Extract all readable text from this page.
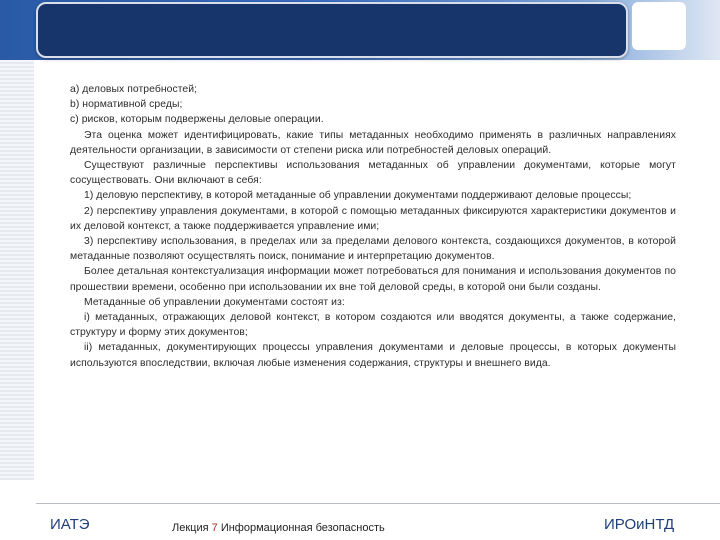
a) деловых потребностей;

b) нормативной среды;

c) рисков, которым подвержены деловые операции.

Эта оценка может идентифицировать, какие типы метаданных необходимо применять в различных направлениях деятельности организации, в зависимости от степени риска или потребностей деловых операций.

Существуют различные перспективы использования метаданных об управлении документами, которые могут сосуществовать. Они включают в себя:

1) деловую перспективу, в которой метаданные об управлении документами поддерживают деловые процессы;

2) перспективу управления документами, в которой с помощью метаданных фиксируются характеристики документов и их деловой контекст, а также поддерживается управление ими;

3) перспективу использования, в пределах или за пределами делового контекста, создающихся документов, в которой метаданные позволяют осуществлять поиск, понимание и интерпретацию документов.

Более детальная контекстуализация информации может потребоваться для понимания и использования документов по прошествии времени, особенно при использовании их вне той деловой среды, в которой они были созданы.

Метаданные об управлении документами состоят из:

i) метаданных, отражающих деловой контекст, в котором создаются или вводятся документы, а также содержание, структуру и форму этих документов;

ii) метаданных, документирующих процессы управления документами и деловые процессы, в которых документы используются впоследствии, включая любые изменения содержания, структуры и внешнего вида.

ИАТЭ	Лекция 7 Информационная безопасность	ИРОиНТД
